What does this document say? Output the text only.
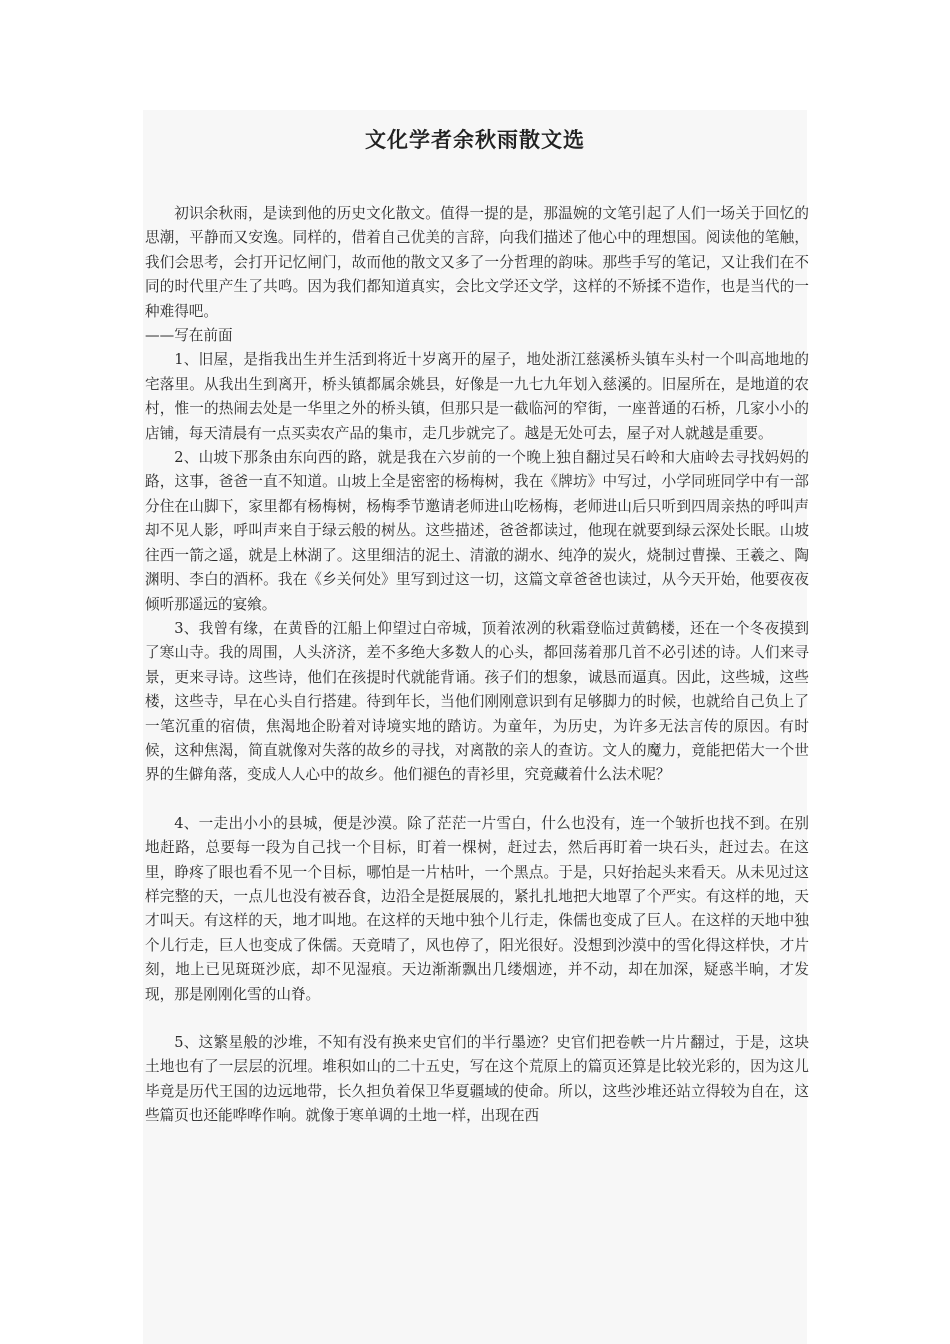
文化学者余秋雨散文选

初识余秋雨，是读到他的历史文化散文。值得一提的是，那温婉的文笔引起了人们一场关于回忆的思潮，平静而又安逸。同样的，借着自己优美的言辞，向我们描述了他心中的理想国。阅读他的笔触，我们会思考，会打开记忆闸门，故而他的散文又多了一分哲理的韵味。那些手写的笔记，又让我们在不同的时代里产生了共鸣。因为我们都知道真实，会比文学还文学，这样的不矫揉不造作，也是当代的一种难得吧。

——写在前面

1、旧屋，是指我出生并生活到将近十岁离开的屋子，地处浙江慈溪桥头镇车头村一个叫高地地的宅落里。从我出生到离开，桥头镇都属余姚县，好像是一九七九年划入慈溪的。旧屋所在，是地道的农村，惟一的热闹去处是一华里之外的桥头镇，但那只是一截临河的窄街，一座普通的石桥，几家小小的店铺，每天清晨有一点买卖农产品的集市，走几步就完了。越是无处可去，屋子对人就越是重要。

2、山坡下那条由东向西的路，就是我在六岁前的一个晚上独自翻过吴石岭和大庙岭去寻找妈妈的路，这事，爸爸一直不知道。山坡上全是密密的杨梅树，我在《牌坊》中写过，小学同班同学中有一部分住在山脚下，家里都有杨梅树，杨梅季节邀请老师进山吃杨梅，老师进山后只听到四周亲热的呼叫声却不见人影，呼叫声来自于绿云般的树丛。这些描述，爸爸都读过，他现在就要到绿云深处长眠。山坡往西一箭之遥，就是上林湖了。这里细洁的泥土、清澈的湖水、纯净的炭火，烧制过曹操、王羲之、陶渊明、李白的酒杯。我在《乡关何处》里写到过这一切，这篇文章爸爸也读过，从今天开始，他要夜夜倾听那遥远的宴飨。

3、我曾有缘，在黄昏的江船上仰望过白帝城，顶着浓冽的秋霜登临过黄鹤楼，还在一个冬夜摸到了寒山寺。我的周围，人头济济，差不多绝大多数人的心头，都回荡着那几首不必引述的诗。人们来寻景，更来寻诗。这些诗，他们在孩提时代就能背诵。孩子们的想象，诚恳而逼真。因此，这些城，这些楼，这些寺，早在心头自行搭建。待到年长，当他们刚刚意识到有足够脚力的时候，也就给自己负上了一笔沉重的宿债，焦渴地企盼着对诗境实地的踏访。为童年，为历史，为许多无法言传的原因。有时候，这种焦渴，简直就像对失落的故乡的寻找，对离散的亲人的查访。文人的魔力，竟能把偌大一个世界的生僻角落，变成人人心中的故乡。他们褪色的青衫里，究竟藏着什么法术呢？

4、一走出小小的县城，便是沙漠。除了茫茫一片雪白，什么也没有，连一个皱折也找不到。在别地赶路，总要每一段为自己找一个目标，盯着一棵树，赶过去，然后再盯着一块石头，赶过去。在这里，睁疼了眼也看不见一个目标，哪怕是一片枯叶，一个黑点。于是，只好抬起头来看天。从未见过这样完整的天，一点儿也没有被吞食，边沿全是挺展展的，紧扎扎地把大地罩了个严实。有这样的地，天才叫天。有这样的天，地才叫地。在这样的天地中独个儿行走，侏儒也变成了巨人。在这样的天地中独个儿行走，巨人也变成了侏儒。天竟晴了，风也停了，阳光很好。没想到沙漠中的雪化得这样快，才片刻，地上已见斑斑沙底，却不见湿痕。天边渐渐飘出几缕烟迹，并不动，却在加深，疑惑半晌，才发现，那是刚刚化雪的山脊。

5、这繁星般的沙堆，不知有没有换来史官们的半行墨迹？史官们把卷帙一片片翻过，于是，这块土地也有了一层层的沉埋。堆积如山的二十五史，写在这个荒原上的篇页还算是比较光彩的，因为这儿毕竟是历代王国的边远地带，长久担负着保卫华夏疆域的使命。所以，这些沙堆还站立得较为自在，这些篇页也还能哗哗作响。就像于寒单调的土地一样，出现在西
